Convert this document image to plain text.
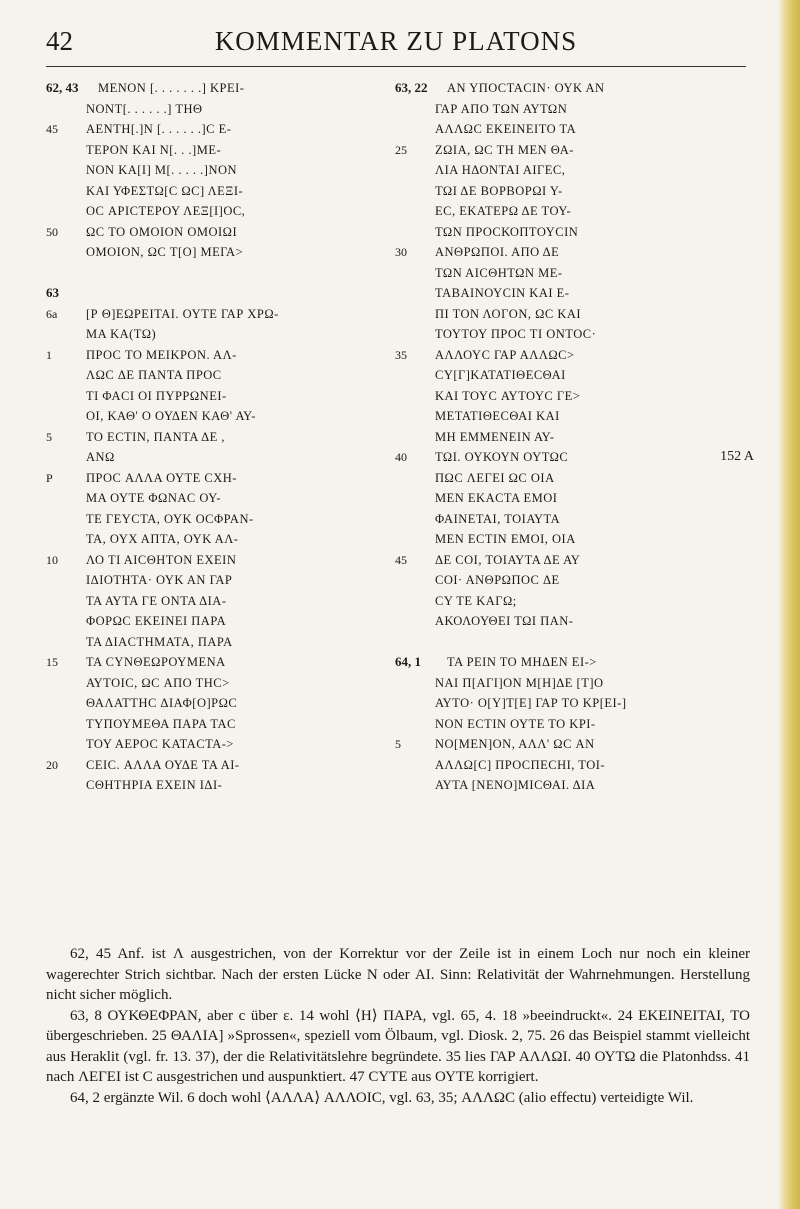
KOMMENTAR ZU PLATONS
42
62, 43 ΜΕΝΟΝ [. . . . . . .] ΚΡΕΙ-
ΝΟΝΤ[. . . . . .] ΤΗΘ
45	ΑΕΝΤΗ[.]Ν [. . . . . .]C Ε-
ΤΕΡΟΝ ΚΑΙ Ν[. . .]ΜΕ-
ΝΟΝ ΚΑ[Ι] Μ[. . . . .]ΝΟΝ
ΚΑΙ ΥΦΕΣΤΩ[C ΩC] ΛΕΞΙ-
ΟC ΑΡΙCΤΕΡΟΥ ΛΕΞ[Ι]ΟC,
50	ΩC ΤΟ ΟΜΟΙΟΝ ΟΜΟΙΩΙ
ΟΜΟΙΟΝ, ΩC Τ[Ο] ΜΕΓΑ>
63
6a	[Ρ Θ]ΕΩΡΕΙΤΑΙ. ΟΥΤΕ ΓΑΡ ΧΡΩ-
ΜΑ ΚΑ(ΤΩ)
1	ΠΡΟC ΤΟ ΜΕΙΚΡΟΝ. ΑΛ-
ΛΩC ΔΕ ΠΑΝΤΑ ΠΡΟC
ΤΙ ΦΑCΙ ΟΙ ΠΥΡΡΩΝΕΙ-
ΟΙ, ΚΑΘ' Ο ΟΥΔΕΝ ΚΑΘ' ΑΥ-
5	ΤΟ ΕCΤΙΝ, ΠΑΝΤΑ ΔΕ ,
ΑΝΩ
P	ΠΡΟC ΑΛΛΑ ΟΥΤΕ CΧΗ-
ΜΑ ΟΥΤΕ ΦΩΝΑC ΟΥ-
ΤΕ ΓΕΥCΤΑ, ΟΥΚ ΟCΦΡΑΝ-
ΤΑ, ΟΥΧ ΑΠΤΑ, ΟΥΚ ΑΛ-
10	ΛΟ ΤΙ ΑΙCΘΗΤΟΝ ΕΧΕΙΝ
ΙΔΙΟΤΗΤΑ· ΟΥΚ ΑΝ ΓΑΡ
ΤΑ ΑΥΤΑ ΓΕ ΟΝΤΑ ΔΙΑ-
ΦΟΡΩC ΕΚΕΙΝΕΙ ΠΑΡΑ
ΤΑ ΔΙΑCΤΗΜΑΤΑ, ΠΑΡΑ
15	ΤΑ CΥΝΘΕΩΡΟΥΜΕΝΑ
ΑΥΤΟΙC, ΩC ΑΠΟ ΤΗC>
ΘΑΛΑΤΤΗC ΔΙΑΦ[Ο]ΡΩC
ΤΥΠΟΥΜΕΘΑ ΠΑΡΑ ΤΑC
ΤΟΥ ΑΕΡΟC ΚΑΤΑCΤΑ->
20	CΕΙC. ΑΛΛΑ ΟΥΔΕ ΤΑ ΑΙ-
CΘΗΤΗΡΙΑ ΕΧΕΙΝ ΙΔΙ-
63, 22 ΑΝ ΥΠΟCΤΑCΙΝ· ΟΥΚ ΑΝ
ΓΑΡ ΑΠΟ ΤΩΝ ΑΥΤΩΝ
ΑΛΛΩC ΕΚΕΙΝΕΙΤΟ ΤΑ
25	ΖΩΙΑ, ΩC ΤΗ ΜΕΝ ΘΑ-
ΛΙΑ ΗΔΟΝΤΑΙ ΑΙΓΕC,
ΤΩΙ ΔΕ ΒΟΡΒΟΡΩΙ Υ-
ΕC, ΕΚΑΤΕΡΩ ΔΕ ΤΟΥ-
ΤΩΝ ΠΡΟCΚΟΠΤΟΥCΙΝ
30	ΑΝΘΡΩΠΟΙ. ΑΠΟ ΔΕ
ΤΩΝ ΑΙCΘΗΤΩΝ ΜΕ-
ΤΑΒΑΙΝΟΥCΙΝ ΚΑΙ Ε-
ΠΙ ΤΟΝ ΛΟΓΟΝ, ΩC ΚΑΙ
ΤΟΥΤΟΥ ΠΡΟC ΤΙ ΟΝΤΟC·
35	ΑΛΛΟΥC ΓΑΡ ΑΛΛΩC>
CΥ[Γ]ΚΑΤΑΤΙΘΕCΘΑΙ
ΚΑΙ ΤΟΥC ΑΥΤΟΥC ΓΕ>
ΜΕΤΑΤΙΘΕCΘΑΙ ΚΑΙ
ΜΗ ΕΜΜΕΝΕΙΝ ΑΥ-
40	ΤΩΙ. ΟΥΚΟΥΝ ΟΥΤΩC	152 A
ΠΩC ΛΕΓΕΙ ΩC ΟΙΑ
ΜΕΝ ΕΚΑCΤΑ ΕΜΟΙ
ΦΑΙΝΕΤΑΙ, ΤΟΙΑΥΤΑ
ΜΕΝ ΕCΤΙΝ ΕΜΟΙ, ΟΙΑ
45	ΔΕ CΟΙ, ΤΟΙΑΥΤΑ ΔΕ ΑΥ
CΟΙ· ΑΝΘΡΩΠΟC ΔΕ
CΥ ΤΕ ΚΑΓΩ;
ΑΚΟΛΟΥΘΕΙ ΤΩΙ ΠΑΝ-
64, 1 ΤΑ ΡΕΙΝ ΤΟ ΜΗΔΕΝ ΕΙ->
ΝΑΙ Π[ΑΓΙ]ΟΝ Μ[Η]ΔΕ [Τ]Ο
ΑΥΤΟ· Ο[Υ]Τ[Ε] ΓΑΡ ΤΟ ΚΡ[ΕΙ-]
ΝΟΝ ΕCΤΙΝ ΟΥΤΕ ΤΟ ΚΡΙ-
5	ΝΟ[ΜΕΝ]ΟΝ, ΑΛΛ' ΩC ΑΝ
ΑΛΛΩ[C] ΠΡΟCΠΕCΗΙ, ΤΟΙ-
ΑΥΤΑ [ΝΕΝΟ]ΜΙCΘΑΙ. ΔΙΑ

62, 45 Anf. ist Λ ausgestrichen, von der Korrektur vor der Zeile ist in einem Loch nur noch ein kleiner wagerechter Strich sichtbar. Nach der ersten Lücke Ν oder ΑΙ. Sinn: Relativität der Wahrnehmungen. Herstellung nicht sicher möglich.

63, 8 ΟΥΚΘΕΦΡΑΝ, aber c über ε. 14 wohl ⟨Η⟩ ΠΑΡΑ, vgl. 65, 4. 18 »beeindruckt«. 24 ΕΚΕΙΝΕΙΤΑΙ, ΤΟ übergeschrieben. 25 ΘΑΛΙΑ] »Sprossen«, speziell vom Ölbaum, vgl. Diosk. 2, 75. 26 das Beispiel stammt vielleicht aus Heraklit (vgl. fr. 13. 37), der die Relativitätslehre begründete. 35 lies ΓΑΡ ΑΛΛΩΙ. 40 ΟΥΤΩ die Platonhdss. 41 nach ΛΕΓΕΙ ist C ausgestrichen und auspunktiert. 47 CΥΤΕ aus ΟΥΤΕ korrigiert.

64, 2 ergänzte Wil. 6 doch wohl ⟨ΑΛΛΑ⟩ ΑΛΛΟΙC, vgl. 63, 35; ΑΛΛΩC (alio effectu) verteidigte Wil.
